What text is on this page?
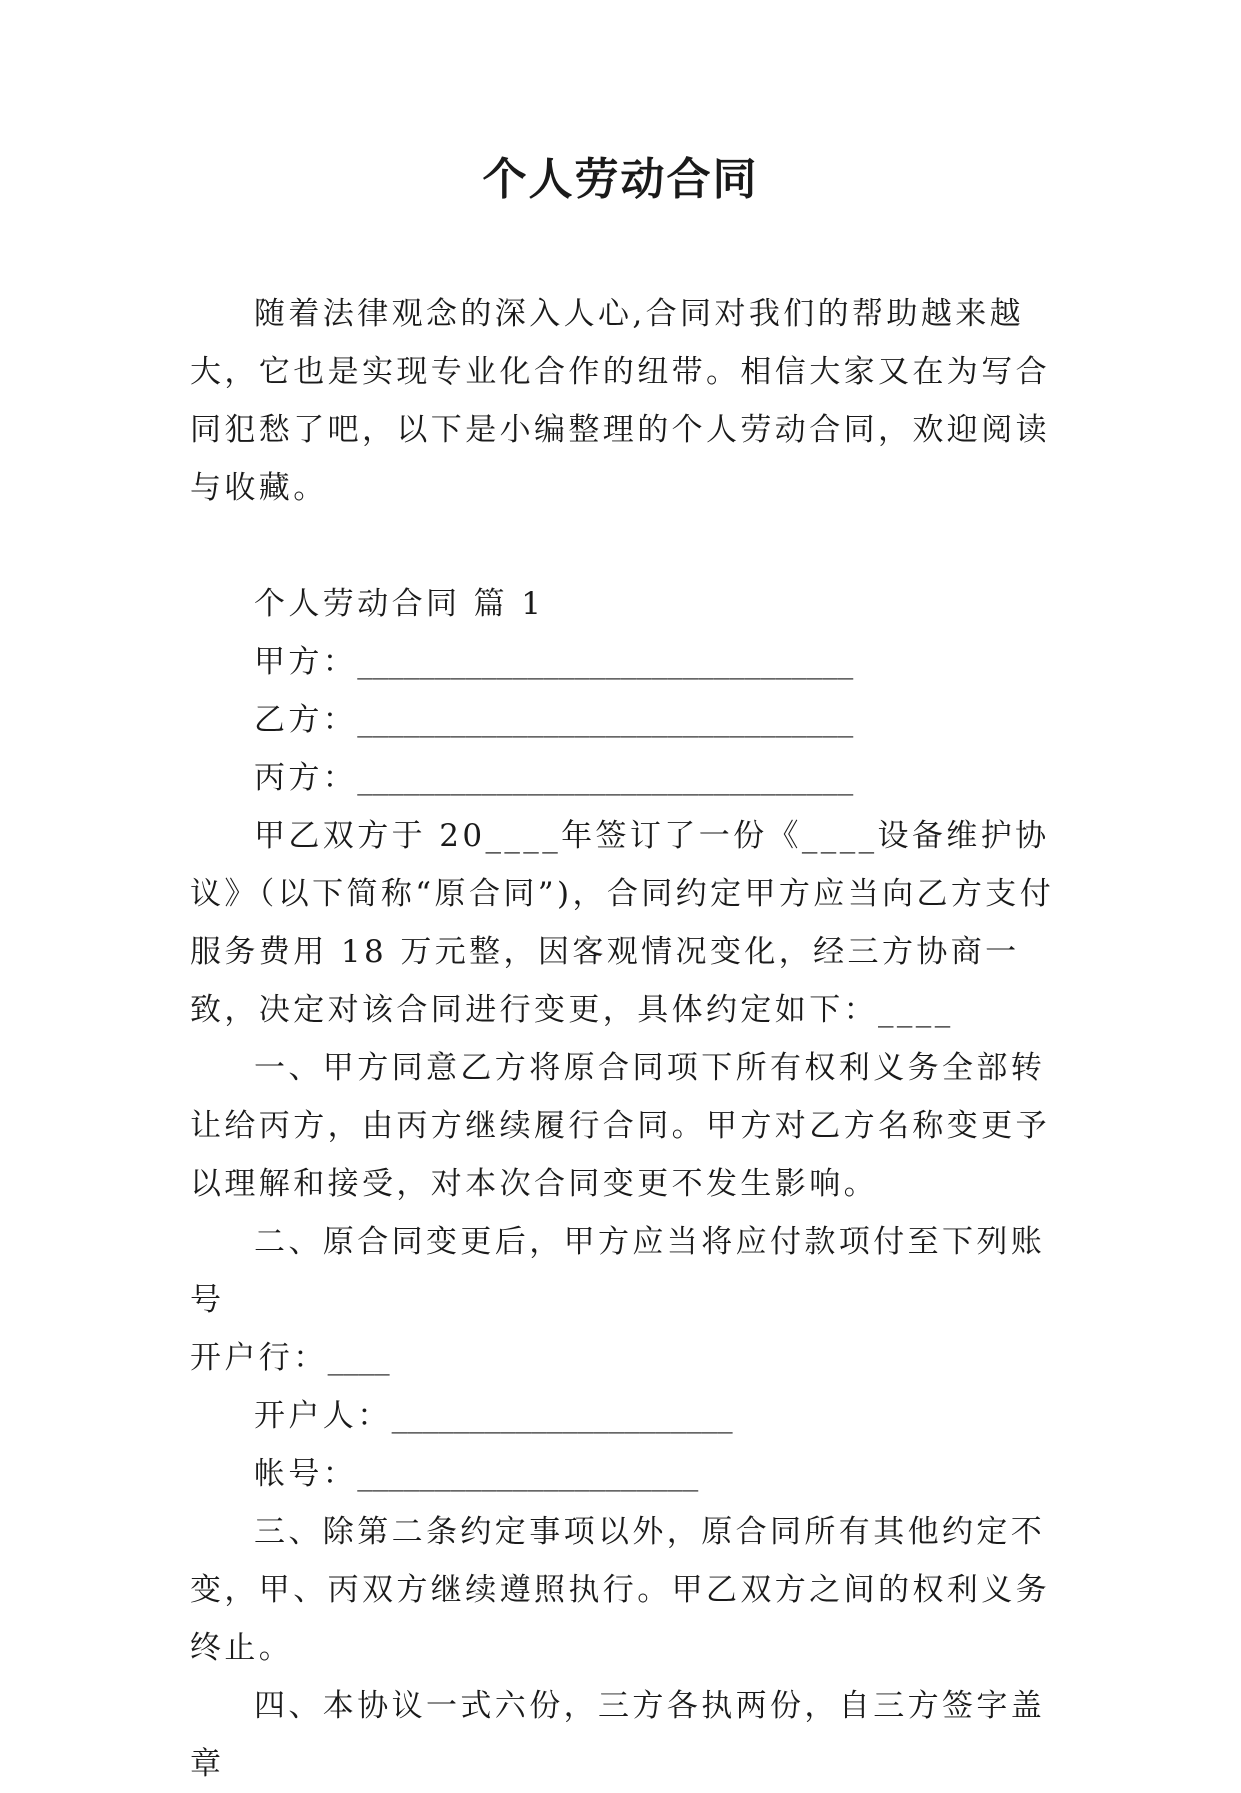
个人劳动合同

随着法律观念的深入人心,合同对我们的帮助越来越大，它也是实现专业化合作的纽带。相信大家又在为写合同犯愁了吧，以下是小编整理的个人劳动合同，欢迎阅读与收藏。

个人劳动合同 篇 1

甲方：________________________________

乙方：________________________________

丙方：________________________________

甲乙双方于 20____年签订了一份《____设备维护协议》（以下简称“原合同”)，合同约定甲方应当向乙方支付服务费用 18 万元整，因客观情况变化，经三方协商一致，决定对该合同进行变更，具体约定如下：____

一、甲方同意乙方将原合同项下所有权利义务全部转让给丙方，由丙方继续履行合同。甲方对乙方名称变更予以理解和接受，对本次合同变更不发生影响。

二、原合同变更后，甲方应当将应付款项付至下列账号

开户行：____

开户人：______________________

帐号：______________________

三、除第二条约定事项以外，原合同所有其他约定不变，甲、丙双方继续遵照执行。甲乙双方之间的权利义务终止。

四、本协议一式六份，三方各执两份，自三方签字盖章
